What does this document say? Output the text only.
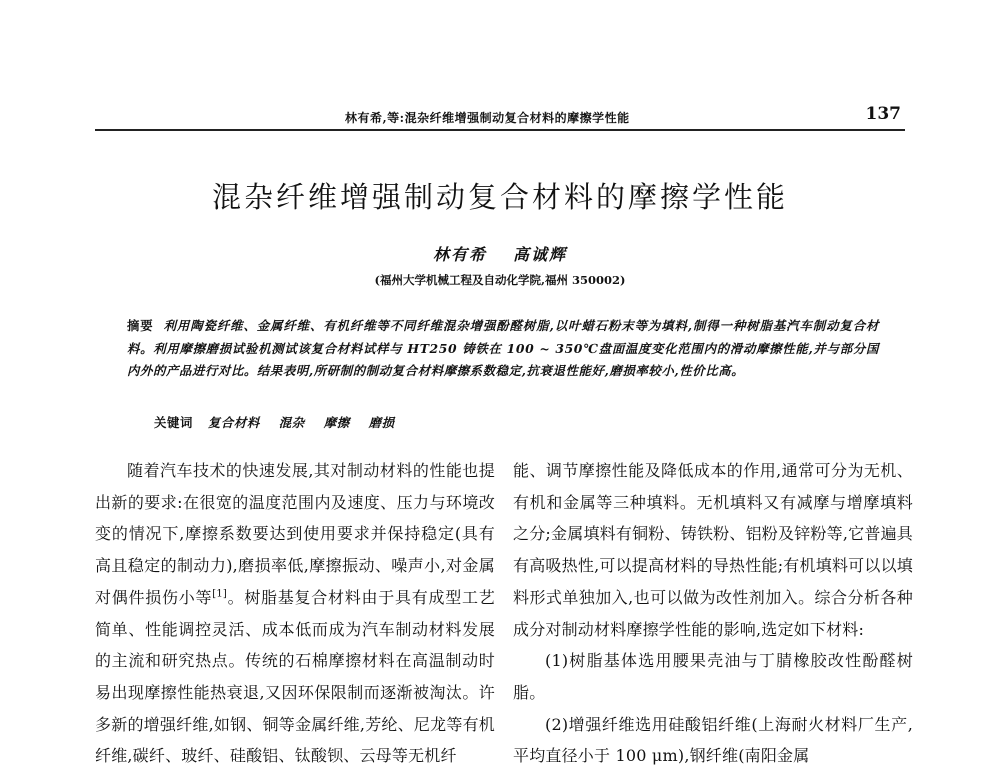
林有希,等:混杂纤维增强制动复合材料的摩擦学性能	137
混杂纤维增强制动复合材料的摩擦学性能
林有希 高诚辉
(福州大学机械工程及自动化学院,福州 350002)
摘要 利用陶瓷纤维、金属纤维、有机纤维等不同纤维混杂增强酚醛树脂,以叶蜡石粉末等为填料,制得一种树脂基汽车制动复合材料。利用摩擦磨损试验机测试该复合材料试样与 HT250 铸铁在 100 ~ 350℃盘面温度变化范围内的滑动摩擦性能,并与部分国内外的产品进行对比。结果表明,所研制的制动复合材料摩擦系数稳定,抗衰退性能好,磨损率较小,性价比高。
关键词 复合材料 混杂 摩擦 磨损

随着汽车技术的快速发展,其对制动材料的性能也提出新的要求:在很宽的温度范围内及速度、压力与环境改变的情况下,摩擦系数要达到使用要求并保持稳定(具有高且稳定的制动力),磨损率低,摩擦振动、噪声小,对金属对偶件损伤小等[1]。树脂基复合材料由于具有成型工艺简单、性能调控灵活、成本低而成为汽车制动材料发展的主流和研究热点。传统的石棉摩擦材料在高温制动时易出现摩擦性能热衰退,又因环保限制而逐渐被淘汰。许多新的增强纤维,如钢、铜等金属纤维,芳纶、尼龙等有机纤维,碳纤、玻纤、硅酸铝、钛酸钡、云母等无机纤

能、调节摩擦性能及降低成本的作用,通常可分为无机、有机和金属等三种填料。无机填料又有减摩与增摩填料之分;金属填料有铜粉、铸铁粉、铝粉及锌粉等,它普遍具有高吸热性,可以提高材料的导热性能;有机填料可以以填料形式单独加入,也可以做为改性剂加入。综合分析各种成分对制动材料摩擦学性能的影响,选定如下材料:

(1)树脂基体选用腰果壳油与丁腈橡胶改性酚醛树脂。

(2)增强纤维选用硅酸铝纤维(上海耐火材料厂生产,平均直径小于 100 μm),钢纤维(南阳金属
